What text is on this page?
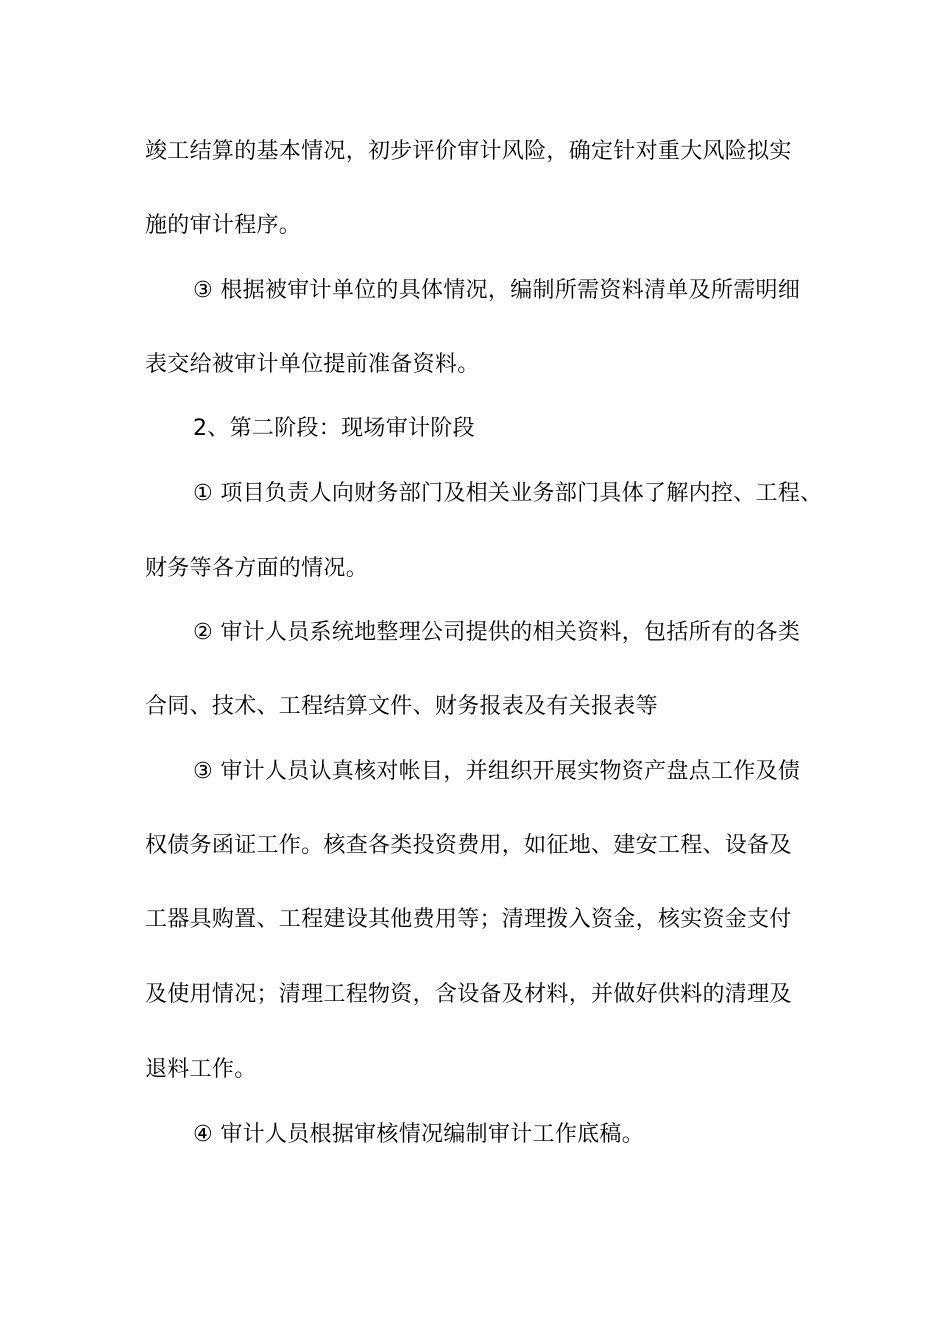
竣工结算的基本情况，初步评价审计风险，确定针对重大风险拟实
施的审计程序。
③ 根据被审计单位的具体情况，编制所需资料清单及所需明细
表交给被审计单位提前准备资料。
2、第二阶段：现场审计阶段
① 项目负责人向财务部门及相关业务部门具体了解内控、工程、
财务等各方面的情况。
② 审计人员系统地整理公司提供的相关资料，包括所有的各类
合同、技术、工程结算文件、财务报表及有关报表等
③ 审计人员认真核对帐目，并组织开展实物资产盘点工作及债
权债务函证工作。核查各类投资费用，如征地、建安工程、设备及
工器具购置、工程建设其他费用等；清理拨入资金，核实资金支付
及使用情况；清理工程物资，含设备及材料，并做好供料的清理及
退料工作。
④ 审计人员根据审核情况编制审计工作底稿。
